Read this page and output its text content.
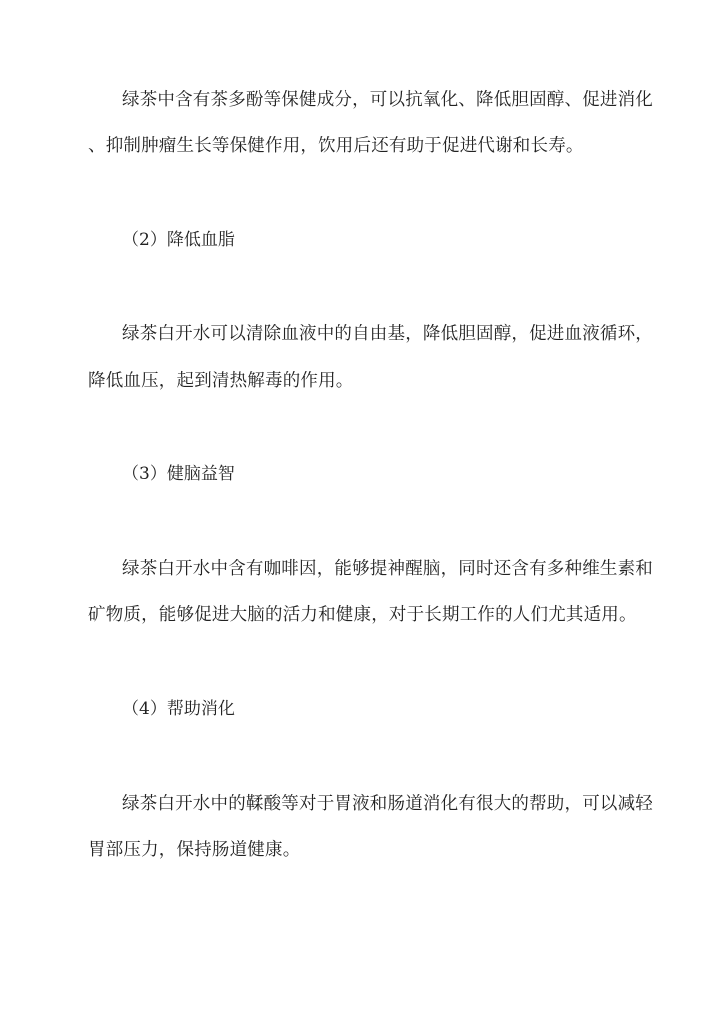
绿茶中含有茶多酚等保健成分，可以抗氧化、降低胆固醇、促进消化
、抑制肿瘤生长等保健作用，饮用后还有助于促进代谢和长寿。
（2）降低血脂
绿茶白开水可以清除血液中的自由基，降低胆固醇，促进血液循环，
降低血压，起到清热解毒的作用。
（3）健脑益智
绿茶白开水中含有咖啡因，能够提神醒脑，同时还含有多种维生素和
矿物质，能够促进大脑的活力和健康，对于长期工作的人们尤其适用。
（4）帮助消化
绿茶白开水中的鞣酸等对于胃液和肠道消化有很大的帮助，可以减轻
胃部压力，保持肠道健康。
